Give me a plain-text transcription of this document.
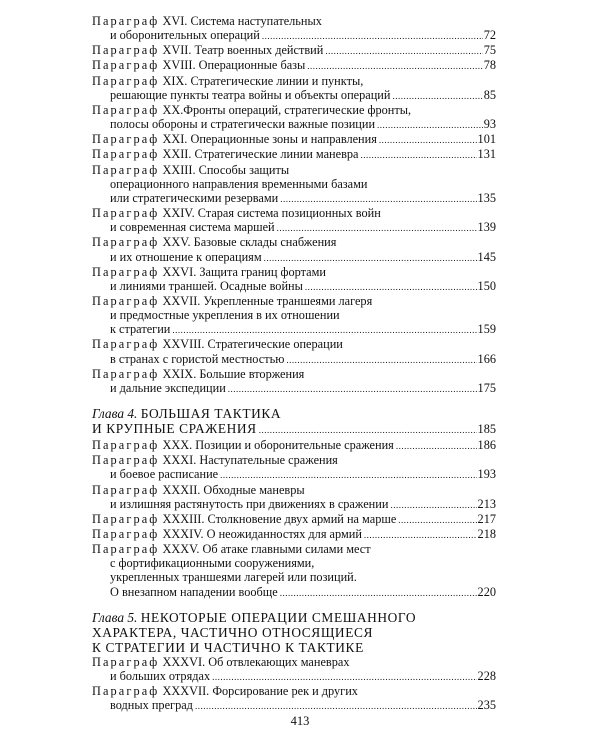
Параграф XVI. Система наступательных
и оборонительных операций .....	72
Параграф XVII. Театр военных действий .....	75
Параграф XVIII. Операционные базы .....	78
Параграф XIX. Стратегические линии и пункты,
решающие пункты театра войны и объекты операций .....	85
Параграф XX.Фронты операций, стратегические фронты,
полосы обороны и стратегически важные позиции .....	93
Параграф XXI. Операционные зоны и направления .....	101
Параграф XXII. Стратегические линии маневра .....	131
Параграф XXIII. Способы защиты
операционного направления временными базами
или стратегическими резервами .....	135
Параграф XXIV. Старая система позиционных войн
и современная система маршей .....	139
Параграф XXV. Базовые склады снабжения
и их отношение к операциям .....	145
Параграф XXVI. Защита границ фортами
и линиями траншей. Осадные войны .....	150
Параграф XXVII. Укрепленные траншеями лагеря
и предмостные укрепления в их отношении
к стратегии .....	159
Параграф XXVIII. Стратегические операции
в странах с гористой местностью .....	166
Параграф XXIX. Большие вторжения
и дальние экспедиции .....	175
Глава 4. БОЛЬШАЯ ТАКТИКА
И КРУПНЫЕ СРАЖЕНИЯ .....	185
Параграф XXX. Позиции и оборонительные сражения .....	186
Параграф XXXI. Наступательные сражения
и боевое расписание .....	193
Параграф XXXII. Обходные маневры
и излишняя растянутость при движениях в сражении .....	213
Параграф XXXIII. Столкновение двух армий на марше .....	217
Параграф XXXIV. О неожиданностях для армий .....	218
Параграф XXXV. Об атаке главными силами мест
с фортификационными сооружениями,
укрепленных траншеями лагерей или позиций.
О внезапном нападении вообще .....	220
Глава 5. НЕКОТОРЫЕ ОПЕРАЦИИ СМЕШАННОГО
ХАРАКТЕРА, ЧАСТИЧНО ОТНОСЯЩИЕСЯ
К СТРАТЕГИИ И ЧАСТИЧНО К ТАКТИКЕ
Параграф XXXVI. Об отвлекающих маневрах
и больших отрядах .....	228
Параграф XXXVII. Форсирование рек и других
водных преград .....	235
413
